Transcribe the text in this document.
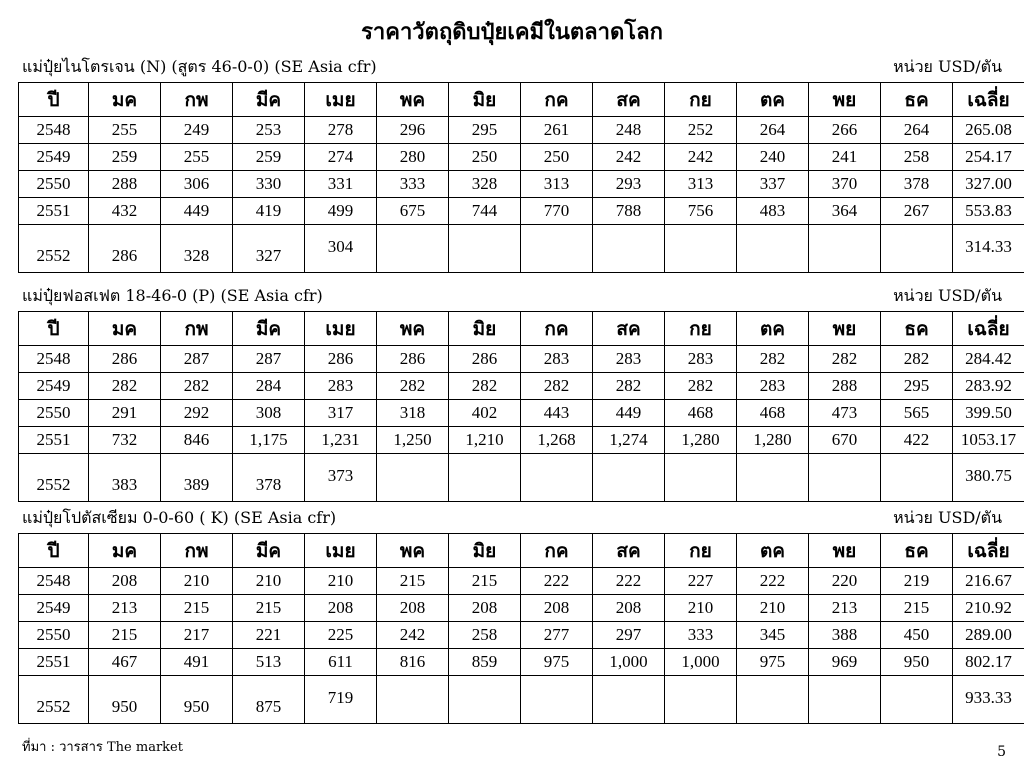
ราคาวัตถุดิบปุ๋ยเคมีในตลาดโลก
แม่ปุ๋ยไนโตรเจน (N) (สูตร 46-0-0) (SE Asia cfr)	หน่วย USD/ตัน
ปี	มค	กพ	มีค	เมย	พค	มิย	กค	สค	กย	ตค	พย	ธค	เฉลี่ย
2548	255	249	253	278	296	295	261	248	252	264	266	264	265.08
2549	259	255	259	274	280	250	250	242	242	240	241	258	254.17
2550	288	306	330	331	333	328	313	293	313	337	370	378	327.00
2551	432	449	419	499	675	744	770	788	756	483	364	267	553.83
2552	286	328	327	304									314.33
แม่ปุ๋ยฟอสเฟต 18-46-0 (P) (SE Asia cfr)	หน่วย USD/ตัน
ปี	มค	กพ	มีค	เมย	พค	มิย	กค	สค	กย	ตค	พย	ธค	เฉลี่ย
2548	286	287	287	286	286	286	283	283	283	282	282	282	284.42
2549	282	282	284	283	282	282	282	282	282	283	288	295	283.92
2550	291	292	308	317	318	402	443	449	468	468	473	565	399.50
2551	732	846	1,175	1,231	1,250	1,210	1,268	1,274	1,280	1,280	670	422	1053.17
2552	383	389	378	373									380.75
แม่ปุ๋ยโปตัสเซียม 0-0-60 ( K) (SE Asia cfr)	หน่วย USD/ตัน
ปี	มค	กพ	มีค	เมย	พค	มิย	กค	สค	กย	ตค	พย	ธค	เฉลี่ย
2548	208	210	210	210	215	215	222	222	227	222	220	219	216.67
2549	213	215	215	208	208	208	208	208	210	210	213	215	210.92
2550	215	217	221	225	242	258	277	297	333	345	388	450	289.00
2551	467	491	513	611	816	859	975	1,000	1,000	975	969	950	802.17
2552	950	950	875	719									933.33
ที่มา : วารสาร The market	5
